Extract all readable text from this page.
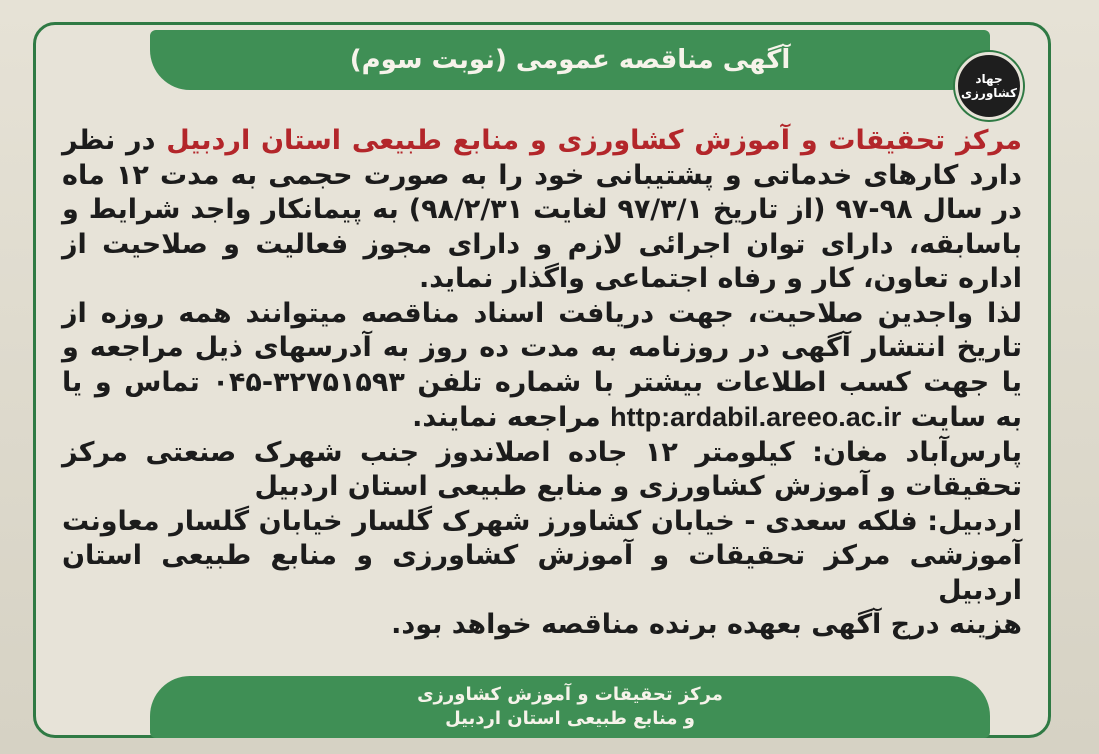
آگهی مناقصه عمومی (نوبت سوم)
جهاد
کشاورزی

مرکز تحقیقات و آموزش کشاورزی و منابع طبیعی استان اردبیل در نظر دارد کارهای خدماتی و پشتیبانی خود را به صورت حجمی به مدت ۱۲ ماه در سال ۹۸-۹۷ (از تاریخ ۹۷/۳/۱ لغایت ۹۸/۲/۳۱) به پیمانکار واجد شرایط و باسابقه، دارای توان اجرائی لازم و دارای مجوز فعالیت و صلاحیت از اداره تعاون، کار و رفاه اجتماعی واگذار نماید.

لذا واجدین صلاحیت، جهت دریافت اسناد مناقصه میتوانند همه روزه از تاریخ انتشار آگهی در روزنامه به مدت ده روز به آدرسهای ذیل مراجعه و یا جهت کسب اطلاعات بیشتر با شماره تلفن ۳۲۷۵۱۵۹۳-۰۴۵ تماس و یا به سایت http:ardabil.areeo.ac.ir مراجعه نمایند.

پارس‌آباد مغان: کیلومتر ۱۲ جاده اصلاندوز جنب شهرک صنعتی مرکز تحقیقات و آموزش کشاورزی و منابع طبیعی استان اردبیل

اردبیل: فلکه سعدی - خیابان کشاورز شهرک گلسار خیابان گلسار معاونت آموزشی مرکز تحقیقات و آموزش کشاورزی و منابع طبیعی استان اردبیل

هزینه درج آگهی بعهده برنده مناقصه خواهد بود.

مرکز تحقیقات و آموزش کشاورزی
و منابع طبیعی استان اردبیل
